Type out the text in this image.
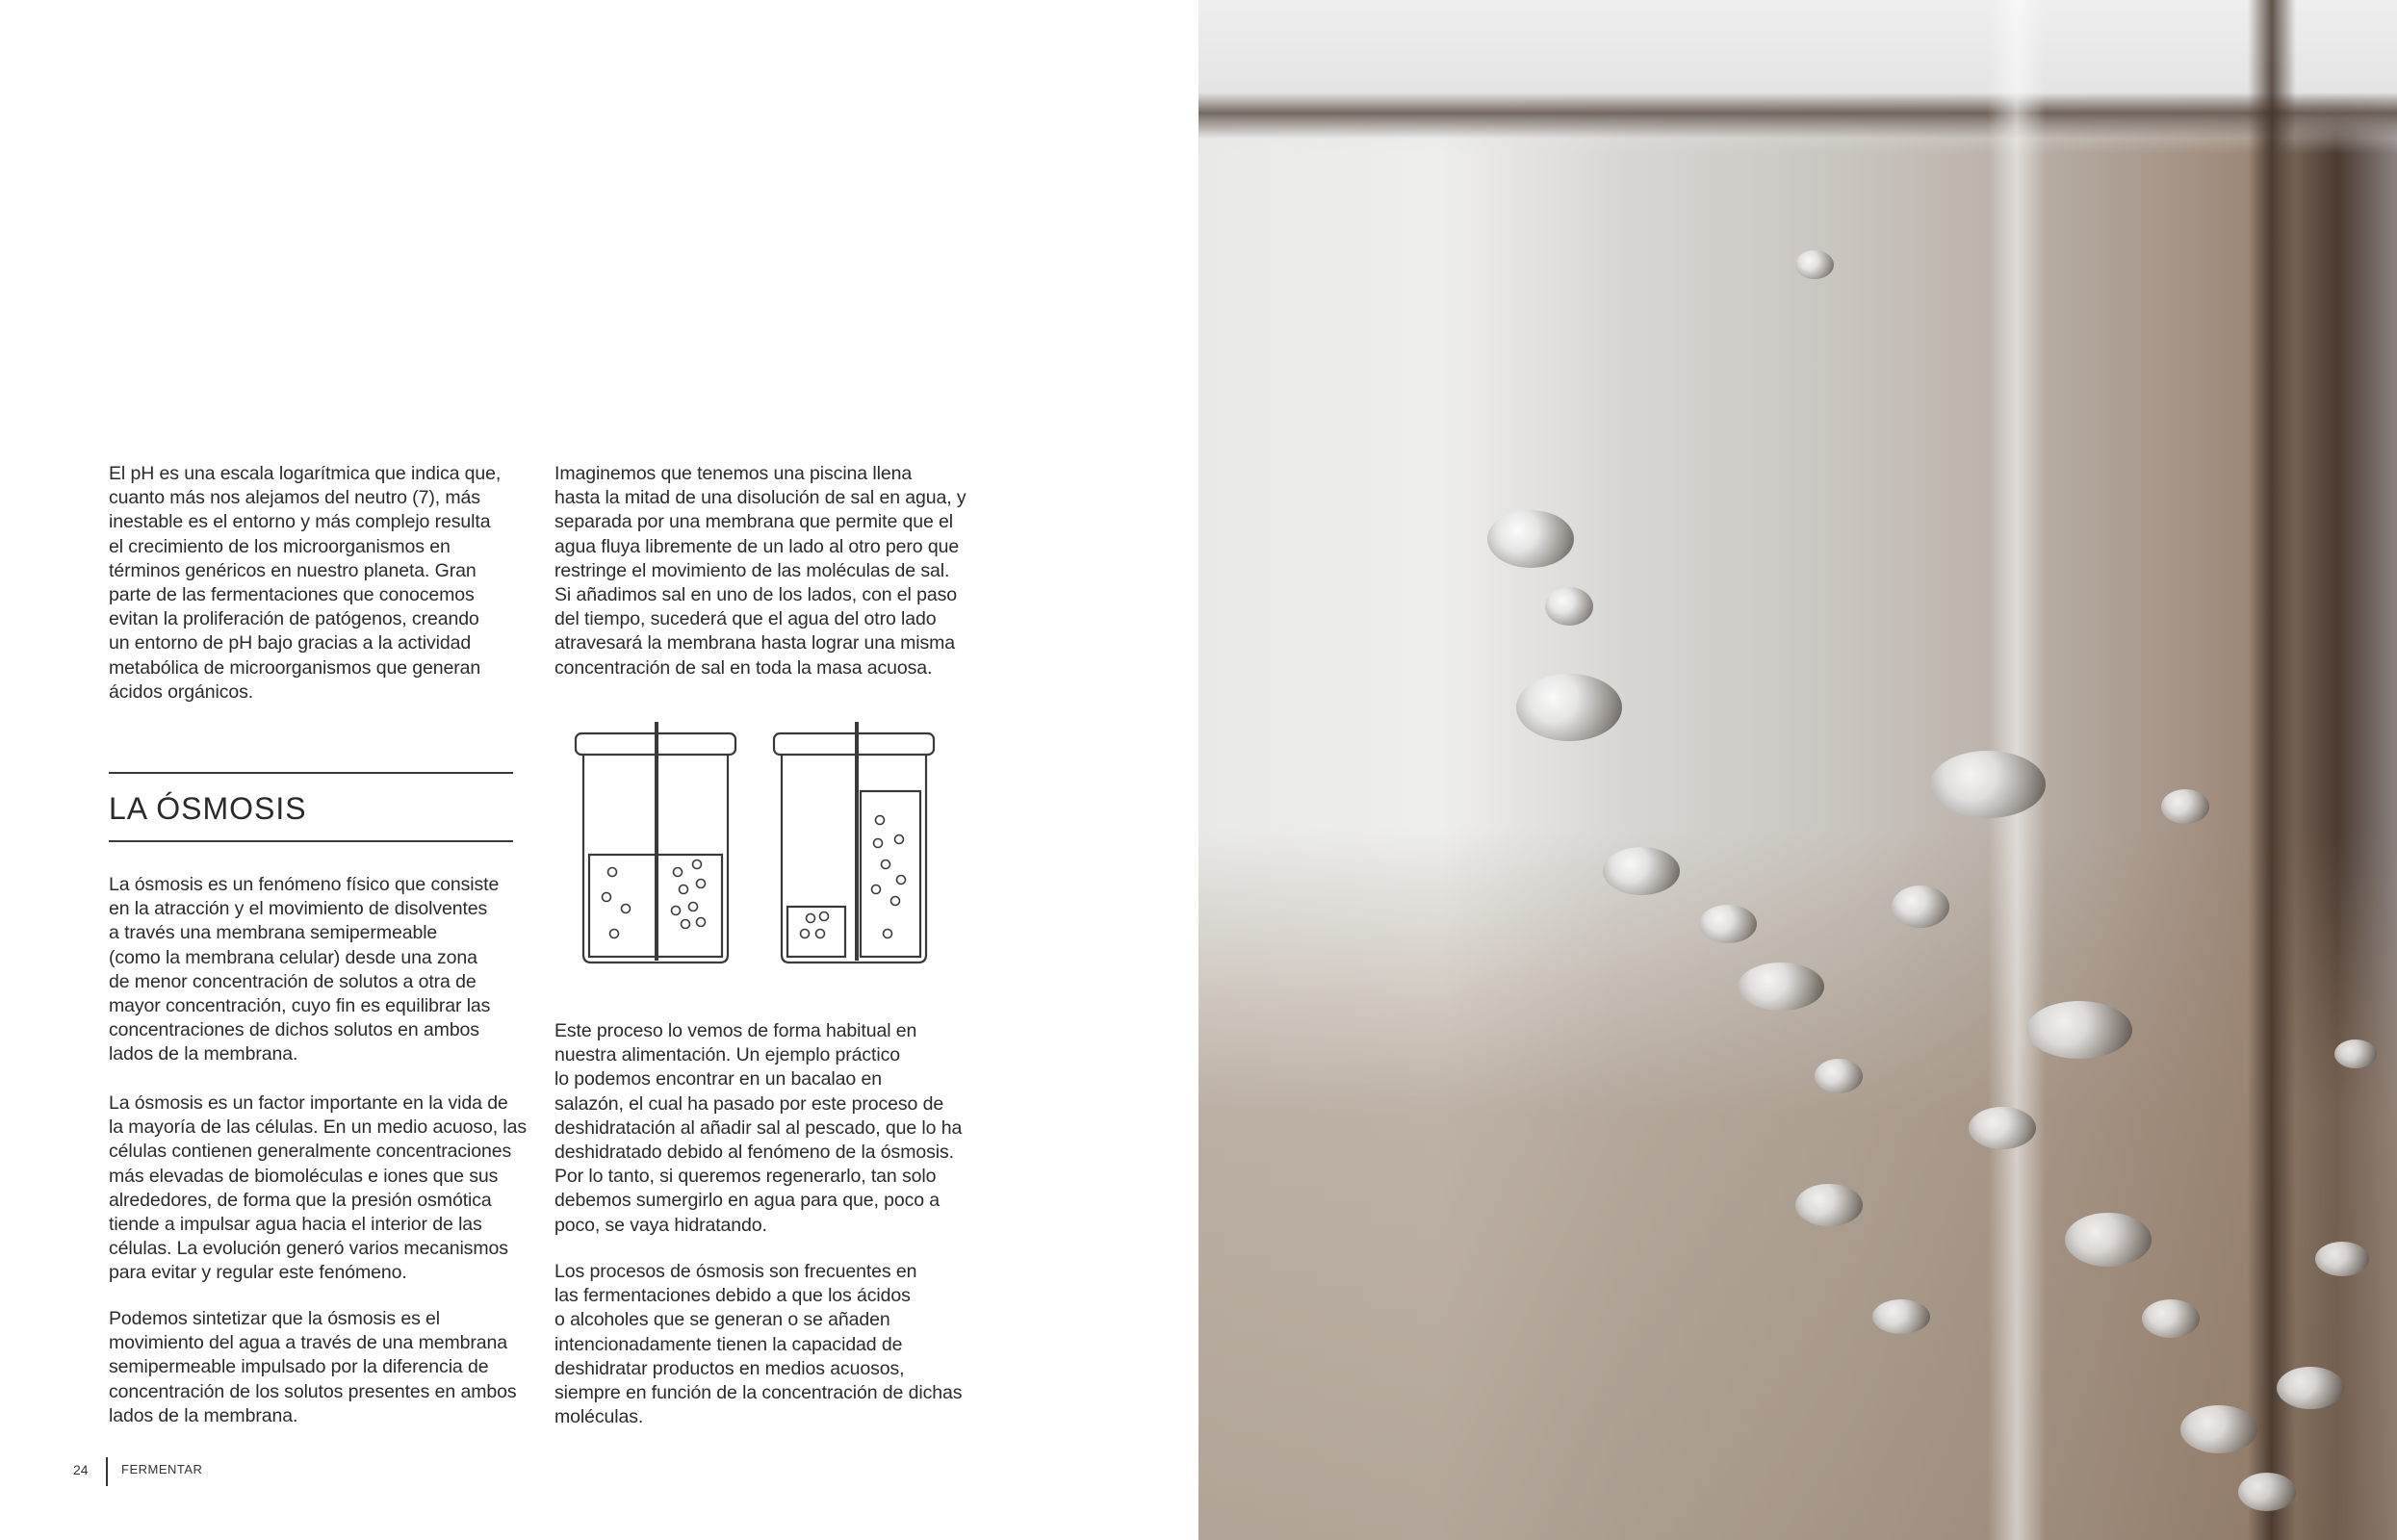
El pH es una escala logarítmica que indica que,
cuanto más nos alejamos del neutro (7), más
inestable es el entorno y más complejo resulta
el crecimiento de los microorganismos en
términos genéricos en nuestro planeta. Gran
parte de las fermentaciones que conocemos
evitan la proliferación de patógenos, creando
un entorno de pH bajo gracias a la actividad
metabólica de microorganismos que generan
ácidos orgánicos.

LA ÓSMOSIS

La ósmosis es un fenómeno físico que consiste
en la atracción y el movimiento de disolventes
a través una membrana semipermeable
(como la membrana celular) desde una zona
de menor concentración de solutos a otra de
mayor concentración, cuyo fin es equilibrar las
concentraciones de dichos solutos en ambos
lados de la membrana.

La ósmosis es un factor importante en la vida de
la mayoría de las células. En un medio acuoso, las
células contienen generalmente concentraciones
más elevadas de biomoléculas e iones que sus
alrededores, de forma que la presión osmótica
tiende a impulsar agua hacia el interior de las
células. La evolución generó varios mecanismos
para evitar y regular este fenómeno.

Podemos sintetizar que la ósmosis es el
movimiento del agua a través de una membrana
semipermeable impulsado por la diferencia de
concentración de los solutos presentes en ambos
lados de la membrana.

Imaginemos que tenemos una piscina llena
hasta la mitad de una disolución de sal en agua, y
separada por una membrana que permite que el
agua fluya libremente de un lado al otro pero que
restringe el movimiento de las moléculas de sal.
Si añadimos sal en uno de los lados, con el paso
del tiempo, sucederá que el agua del otro lado
atravesará la membrana hasta lograr una misma
concentración de sal en toda la masa acuosa.

Este proceso lo vemos de forma habitual en
nuestra alimentación. Un ejemplo práctico
lo podemos encontrar en un bacalao en
salazón, el cual ha pasado por este proceso de
deshidratación al añadir sal al pescado, que lo ha
deshidratado debido al fenómeno de la ósmosis.
Por lo tanto, si queremos regenerarlo, tan solo
debemos sumergirlo en agua para que, poco a
poco, se vaya hidratando.

Los procesos de ósmosis son frecuentes en
las fermentaciones debido a que los ácidos
o alcoholes que se generan o se añaden
intencionadamente tienen la capacidad de
deshidratar productos en medios acuosos,
siempre en función de la concentración de dichas
moléculas.

24	FERMENTAR
